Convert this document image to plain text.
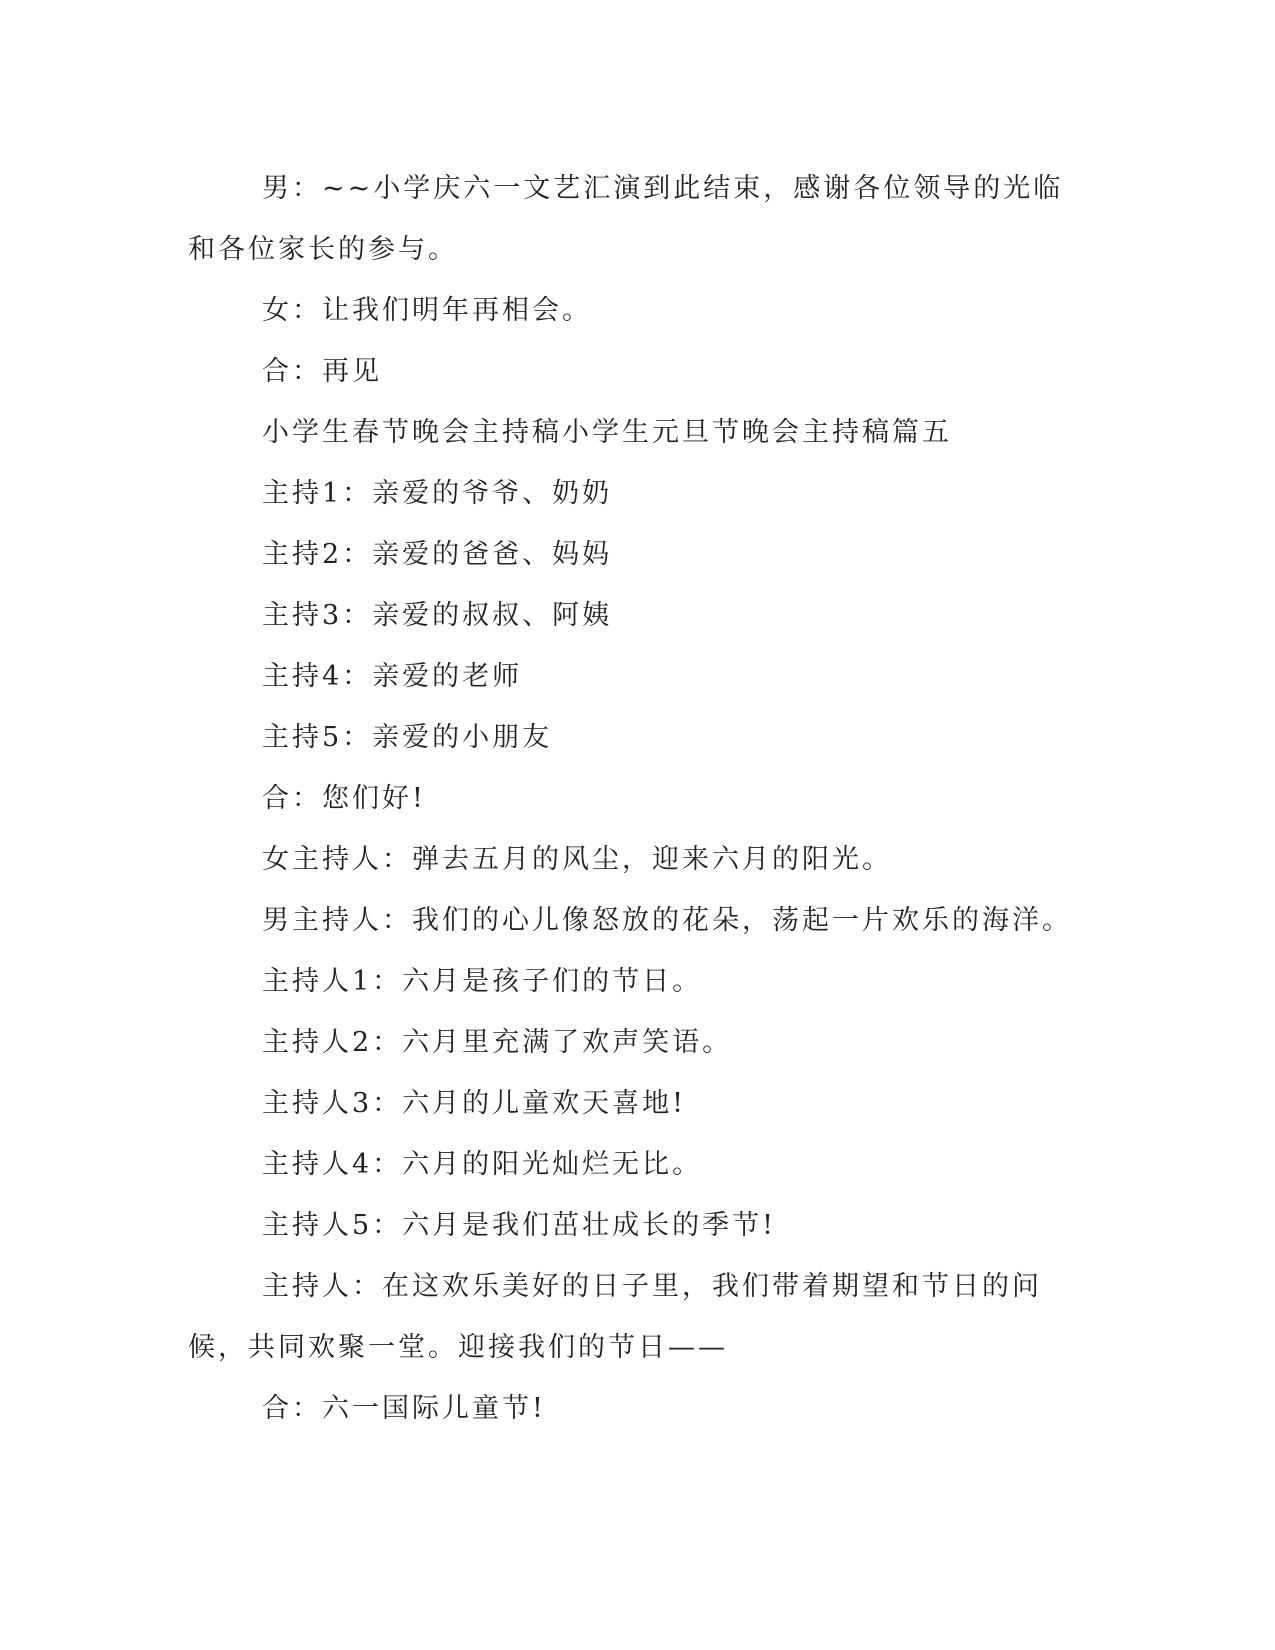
男：~~小学庆六一文艺汇演到此结束，感谢各位领导的光临和各位家长的参与。

女：让我们明年再相会。

合：再见

小学生春节晚会主持稿小学生元旦节晚会主持稿篇五

主持1：亲爱的爷爷、奶奶

主持2：亲爱的爸爸、妈妈

主持3：亲爱的叔叔、阿姨

主持4：亲爱的老师

主持5：亲爱的小朋友

合：您们好!

女主持人：弹去五月的风尘，迎来六月的阳光。

男主持人：我们的心儿像怒放的花朵，荡起一片欢乐的海洋。

主持人1：六月是孩子们的节日。

主持人2：六月里充满了欢声笑语。

主持人3：六月的儿童欢天喜地!

主持人4：六月的阳光灿烂无比。

主持人5：六月是我们茁壮成长的季节!

主持人：在这欢乐美好的日子里，我们带着期望和节日的问候，共同欢聚一堂。迎接我们的节日——

合：六一国际儿童节!
